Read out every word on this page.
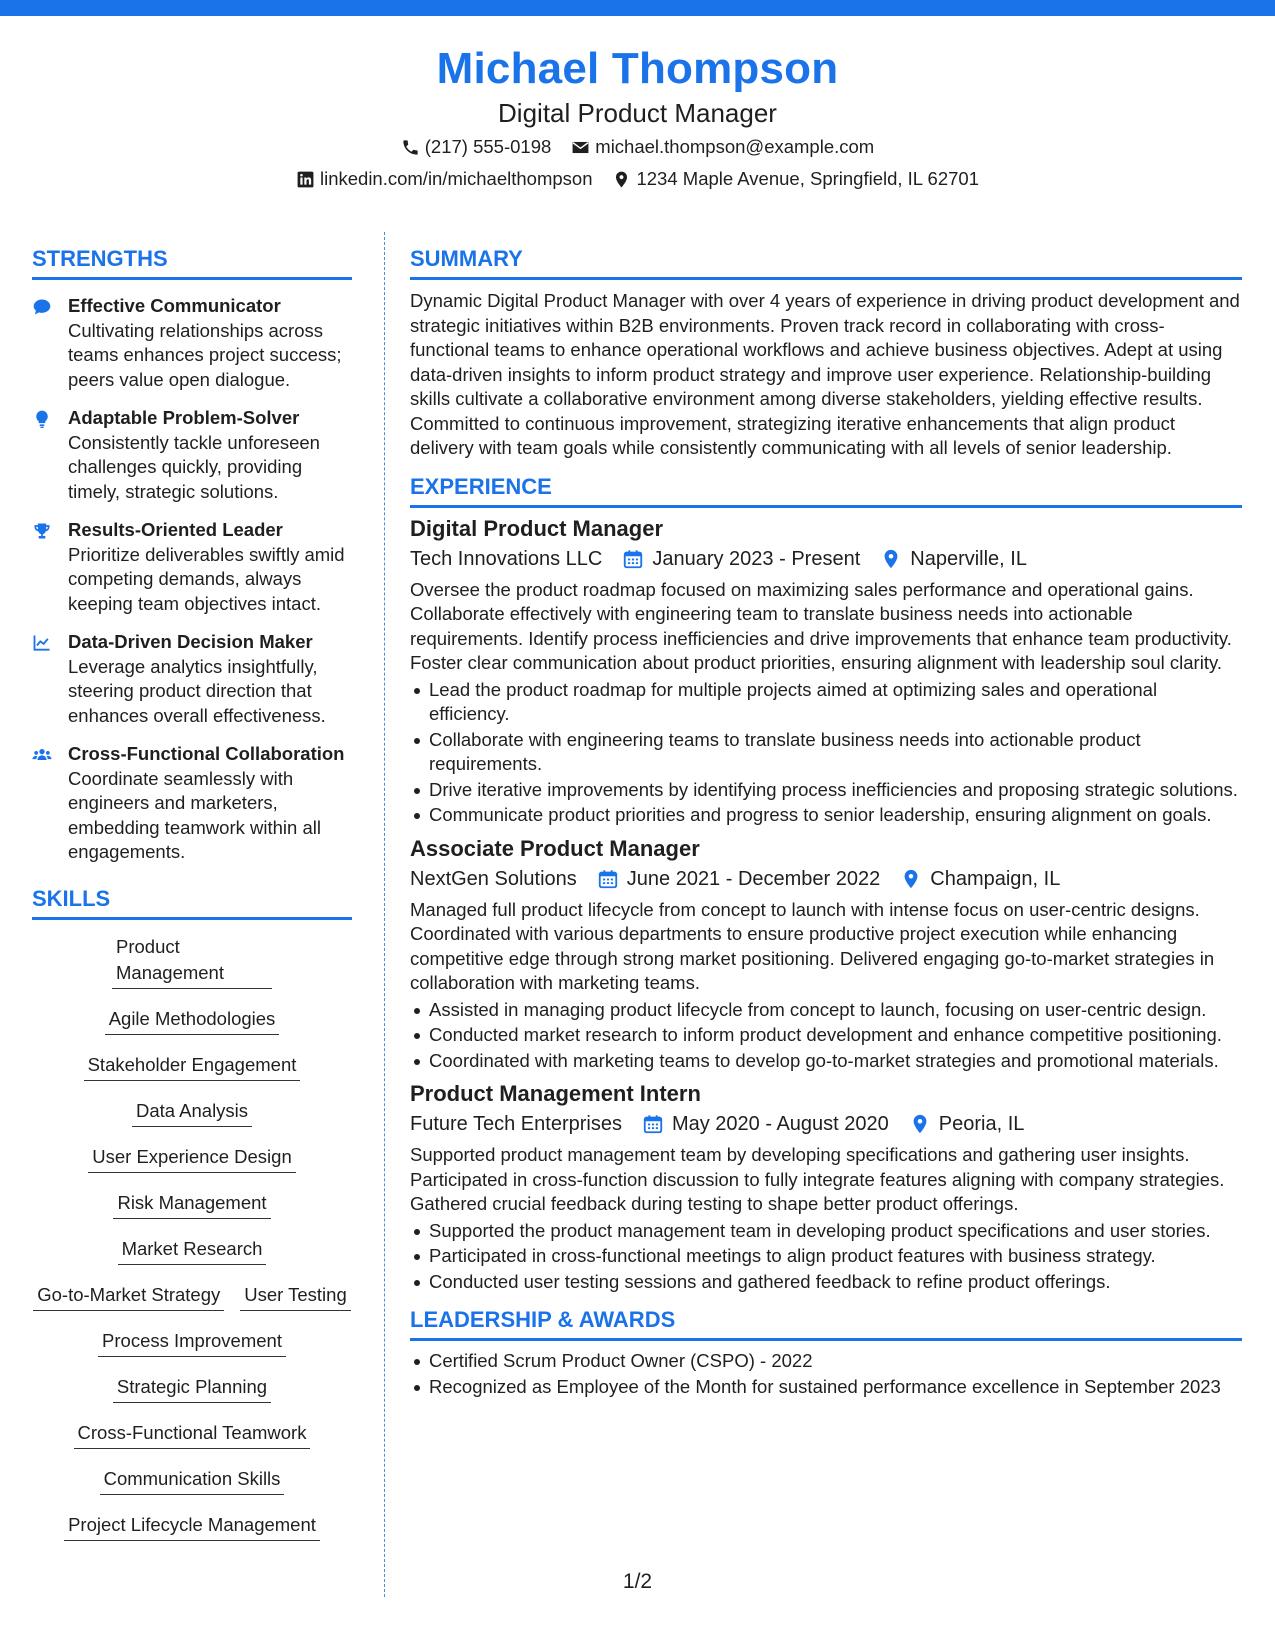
Michael Thompson
Digital Product Manager
(217) 555-0198 michael.thompson@example.com
linkedin.com/in/michaelthompson 1234 Maple Avenue, Springfield, IL 62701
STRENGTHS
Effective Communicator
Cultivating relationships across teams enhances project success; peers value open dialogue.
Adaptable Problem-Solver
Consistently tackle unforeseen challenges quickly, providing timely, strategic solutions.
Results-Oriented Leader
Prioritize deliverables swiftly amid competing demands, always keeping team objectives intact.
Data-Driven Decision Maker
Leverage analytics insightfully, steering product direction that enhances overall effectiveness.
Cross-Functional Collaboration
Coordinate seamlessly with engineers and marketers, embedding teamwork within all engagements.
SKILLS
Product Management
Agile Methodologies
Stakeholder Engagement
Data Analysis
User Experience Design
Risk Management
Market Research
Go-to-Market Strategy User Testing
Process Improvement
Strategic Planning
Cross-Functional Teamwork
Communication Skills
Project Lifecycle Management
SUMMARY
Dynamic Digital Product Manager with over 4 years of experience in driving product development and strategic initiatives within B2B environments. Proven track record in collaborating with cross-functional teams to enhance operational workflows and achieve business objectives. Adept at using data-driven insights to inform product strategy and improve user experience. Relationship-building skills cultivate a collaborative environment among diverse stakeholders, yielding effective results. Committed to continuous improvement, strategizing iterative enhancements that align product delivery with team goals while consistently communicating with all levels of senior leadership.
EXPERIENCE
Digital Product Manager
Tech Innovations LLC	January 2023 - Present	Naperville, IL
Oversee the product roadmap focused on maximizing sales performance and operational gains. Collaborate effectively with engineering team to translate business needs into actionable requirements. Identify process inefficiencies and drive improvements that enhance team productivity. Foster clear communication about product priorities, ensuring alignment with leadership soul clarity.
Lead the product roadmap for multiple projects aimed at optimizing sales and operational efficiency.
Collaborate with engineering teams to translate business needs into actionable product requirements.
Drive iterative improvements by identifying process inefficiencies and proposing strategic solutions.
Communicate product priorities and progress to senior leadership, ensuring alignment on goals.
Associate Product Manager
NextGen Solutions	June 2021 - December 2022	Champaign, IL
Managed full product lifecycle from concept to launch with intense focus on user-centric designs. Coordinated with various departments to ensure productive project execution while enhancing competitive edge through strong market positioning. Delivered engaging go-to-market strategies in collaboration with marketing teams.
Assisted in managing product lifecycle from concept to launch, focusing on user-centric design.
Conducted market research to inform product development and enhance competitive positioning.
Coordinated with marketing teams to develop go-to-market strategies and promotional materials.
Product Management Intern
Future Tech Enterprises	May 2020 - August 2020	Peoria, IL
Supported product management team by developing specifications and gathering user insights. Participated in cross-function discussion to fully integrate features aligning with company strategies. Gathered crucial feedback during testing to shape better product offerings.
Supported the product management team in developing product specifications and user stories.
Participated in cross-functional meetings to align product features with business strategy.
Conducted user testing sessions and gathered feedback to refine product offerings.
LEADERSHIP & AWARDS
Certified Scrum Product Owner (CSPO) - 2022
Recognized as Employee of the Month for sustained performance excellence in September 2023
1/2
